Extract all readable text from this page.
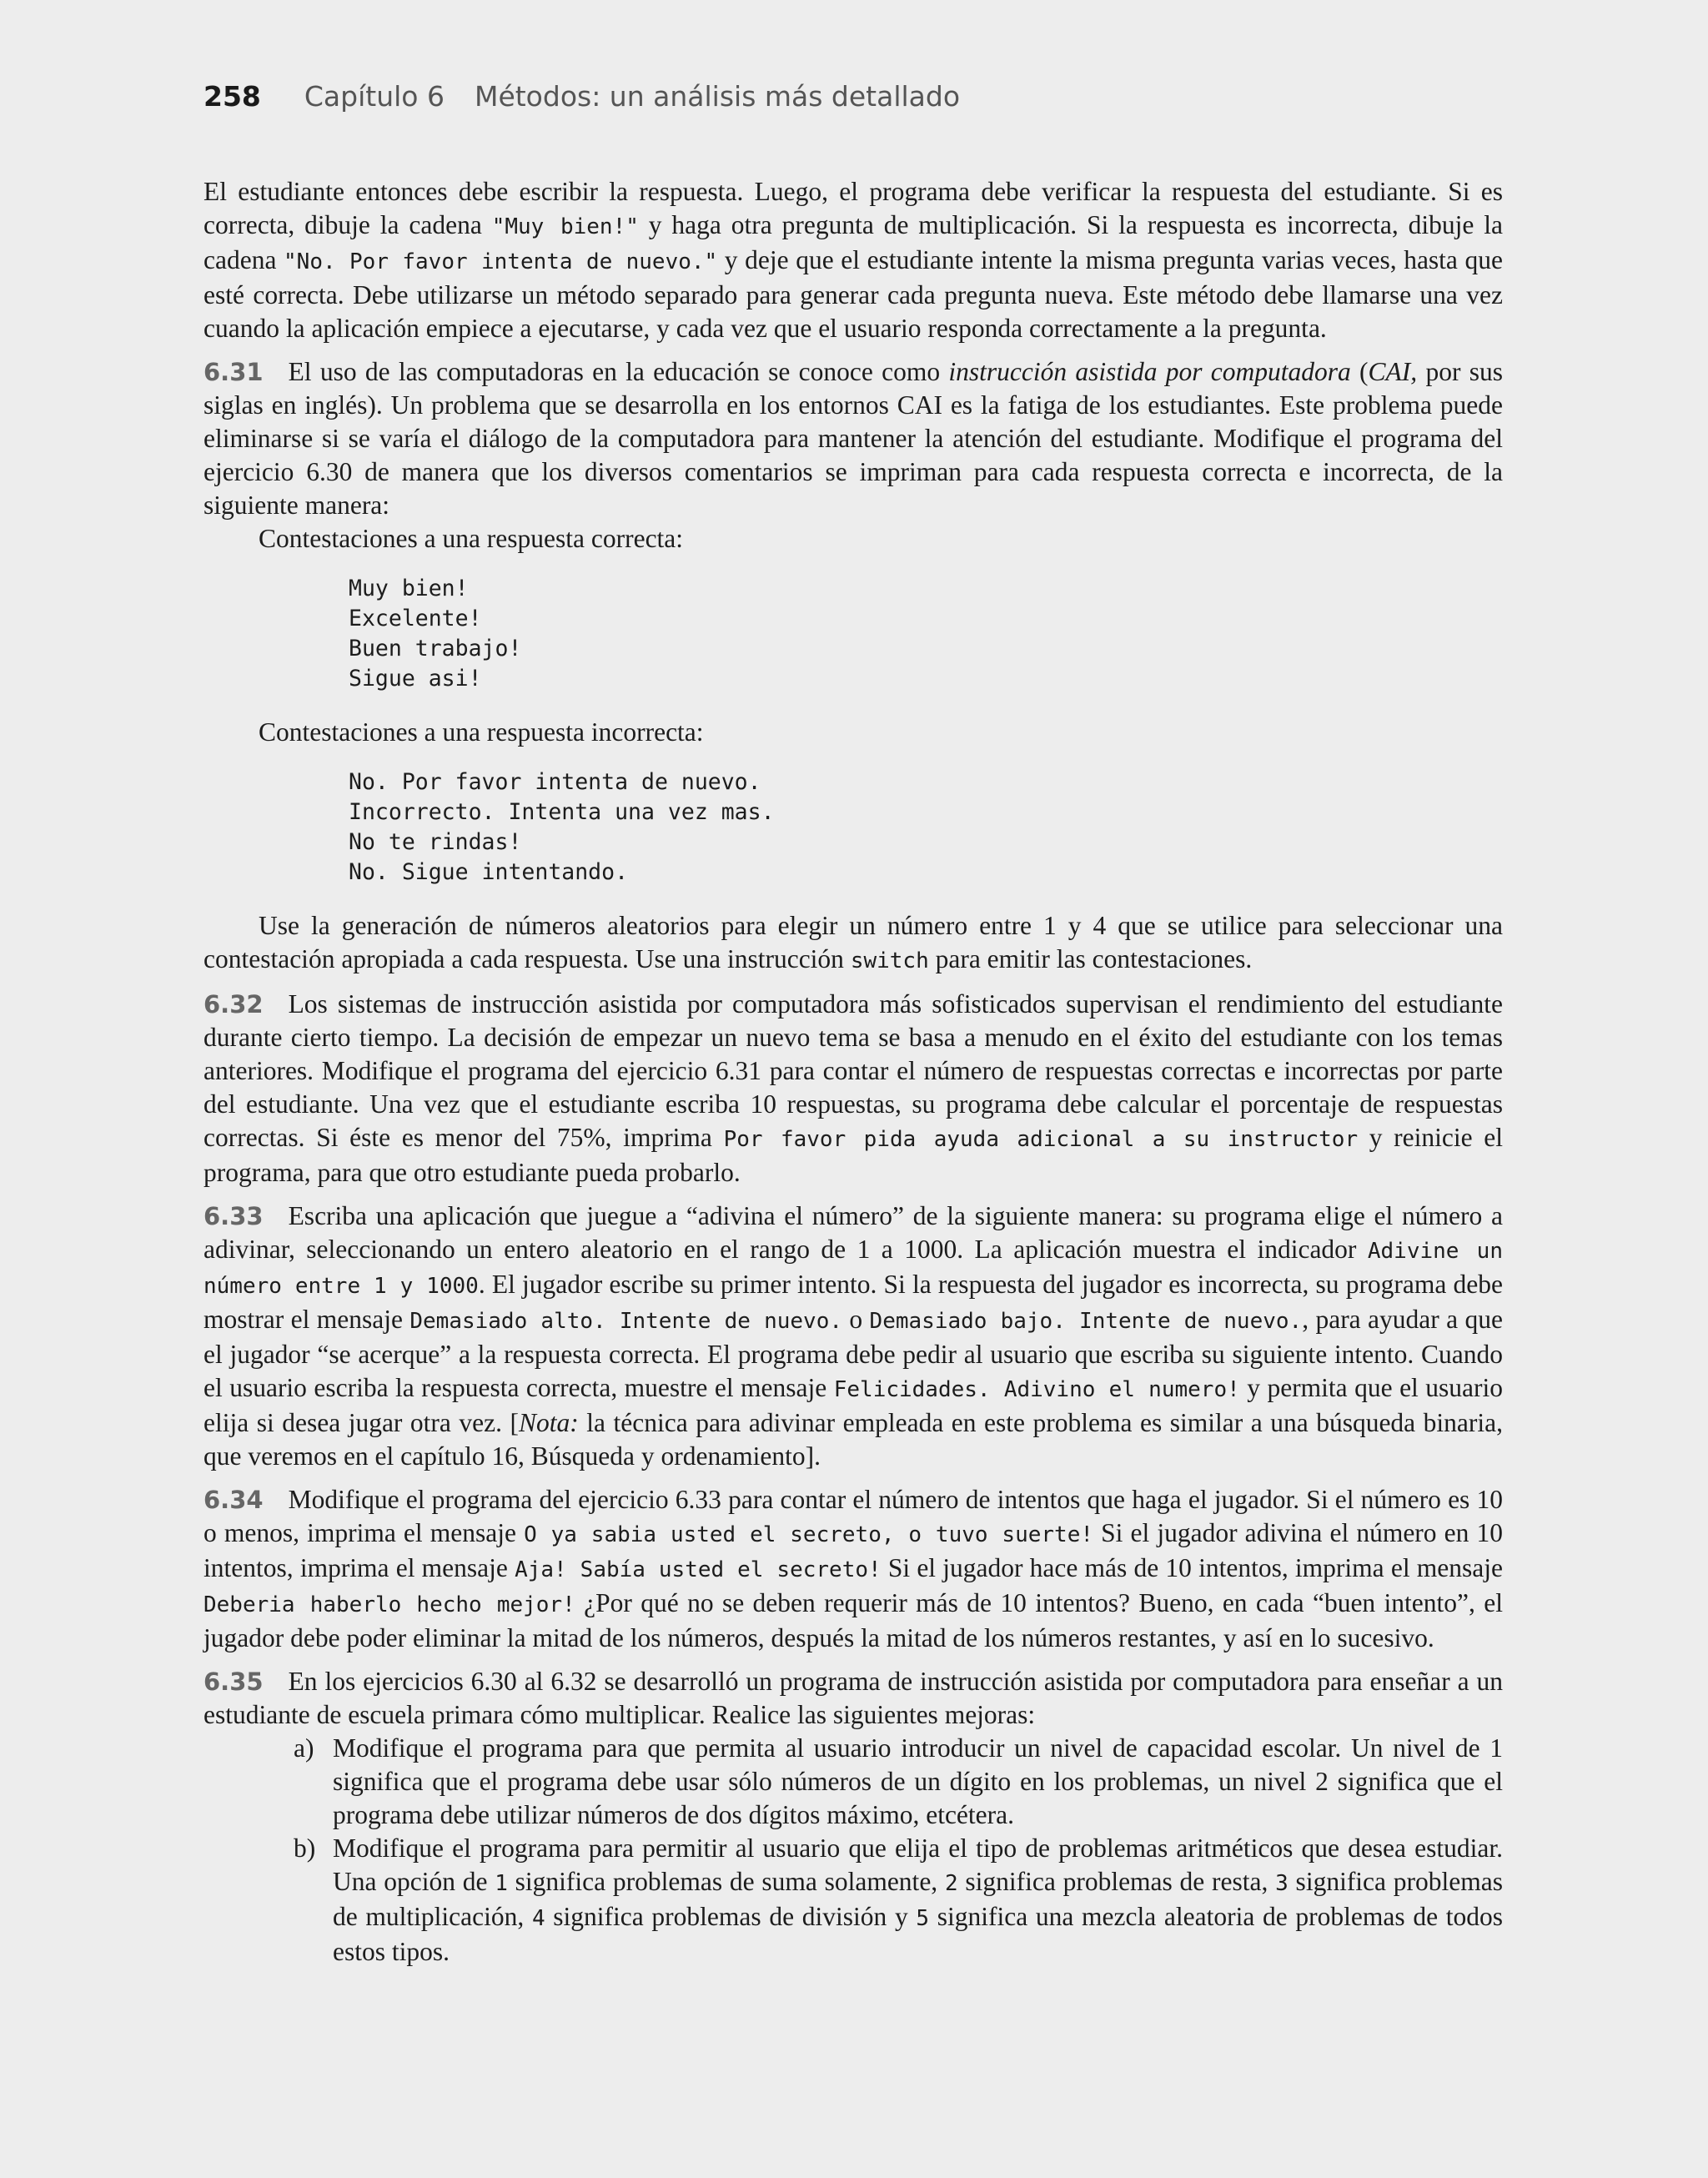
258 Capítulo 6 Métodos: un análisis más detallado

El estudiante entonces debe escribir la respuesta. Luego, el programa debe verificar la respuesta del estudiante. Si es correcta, dibuje la cadena "Muy bien!" y haga otra pregunta de multiplicación. Si la respuesta es incorrecta, dibuje la cadena "No. Por favor intenta de nuevo." y deje que el estudiante intente la misma pregunta varias veces, hasta que esté correcta. Debe utilizarse un método separado para generar cada pregunta nueva. Este método debe llamarse una vez cuando la aplicación empiece a ejecutarse, y cada vez que el usuario responda correctamente a la pregunta.

6.31 El uso de las computadoras en la educación se conoce como instrucción asistida por computadora (CAI, por sus siglas en inglés). Un problema que se desarrolla en los entornos CAI es la fatiga de los estudiantes. Este problema puede eliminarse si se varía el diálogo de la computadora para mantener la atención del estudiante. Modifique el programa del ejercicio 6.30 de manera que los diversos comentarios se impriman para cada respuesta correcta e incorrecta, de la siguiente manera:

Contestaciones a una respuesta correcta:

Muy bien!
Excelente!
Buen trabajo!
Sigue asi!

Contestaciones a una respuesta incorrecta:

No. Por favor intenta de nuevo.
Incorrecto. Intenta una vez mas.
No te rindas!
No. Sigue intentando.

Use la generación de números aleatorios para elegir un número entre 1 y 4 que se utilice para seleccionar una contestación apropiada a cada respuesta. Use una instrucción switch para emitir las contestaciones.

6.32 Los sistemas de instrucción asistida por computadora más sofisticados supervisan el rendimiento del estudiante durante cierto tiempo. La decisión de empezar un nuevo tema se basa a menudo en el éxito del estudiante con los temas anteriores. Modifique el programa del ejercicio 6.31 para contar el número de respuestas correctas e incorrectas por parte del estudiante. Una vez que el estudiante escriba 10 respuestas, su programa debe calcular el porcentaje de respuestas correctas. Si éste es menor del 75%, imprima Por favor pida ayuda adicional a su instructor y reinicie el programa, para que otro estudiante pueda probarlo.

6.33 Escriba una aplicación que juegue a “adivina el número” de la siguiente manera: su programa elige el número a adivinar, seleccionando un entero aleatorio en el rango de 1 a 1000. La aplicación muestra el indicador Adivine un número entre 1 y 1000. El jugador escribe su primer intento. Si la respuesta del jugador es incorrecta, su programa debe mostrar el mensaje Demasiado alto. Intente de nuevo. o Demasiado bajo. Intente de nuevo., para ayudar a que el jugador “se acerque” a la respuesta correcta. El programa debe pedir al usuario que escriba su siguiente intento. Cuando el usuario escriba la respuesta correcta, muestre el mensaje Felicidades. Adivino el numero! y permita que el usuario elija si desea jugar otra vez. [Nota: la técnica para adivinar empleada en este problema es similar a una búsqueda binaria, que veremos en el capítulo 16, Búsqueda y ordenamiento].

6.34 Modifique el programa del ejercicio 6.33 para contar el número de intentos que haga el jugador. Si el número es 10 o menos, imprima el mensaje O ya sabia usted el secreto, o tuvo suerte! Si el jugador adivina el número en 10 intentos, imprima el mensaje Aja! Sabía usted el secreto! Si el jugador hace más de 10 intentos, imprima el mensaje Deberia haberlo hecho mejor! ¿Por qué no se deben requerir más de 10 intentos? Bueno, en cada “buen intento”, el jugador debe poder eliminar la mitad de los números, después la mitad de los números restantes, y así en lo sucesivo.

6.35 En los ejercicios 6.30 al 6.32 se desarrolló un programa de instrucción asistida por computadora para enseñar a un estudiante de escuela primara cómo multiplicar. Realice las siguientes mejoras:

a) Modifique el programa para que permita al usuario introducir un nivel de capacidad escolar. Un nivel de 1 significa que el programa debe usar sólo números de un dígito en los problemas, un nivel 2 significa que el programa debe utilizar números de dos dígitos máximo, etcétera.
b) Modifique el programa para permitir al usuario que elija el tipo de problemas aritméticos que desea estudiar. Una opción de 1 significa problemas de suma solamente, 2 significa problemas de resta, 3 significa problemas de multiplicación, 4 significa problemas de división y 5 significa una mezcla aleatoria de problemas de todos estos tipos.
